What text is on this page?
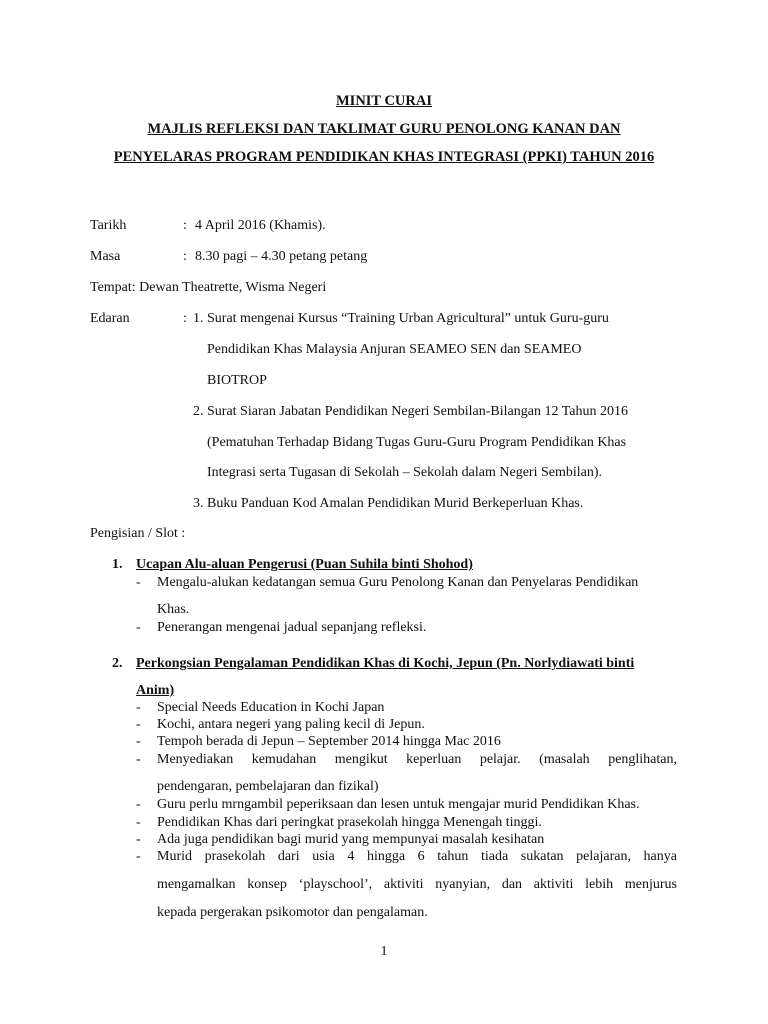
MINIT CURAI
MAJLIS REFLEKSI DAN TAKLIMAT GURU PENOLONG KANAN DAN
PENYELARAS PROGRAM PENDIDIKAN KHAS INTEGRASI (PPKI) TAHUN 2016
Tarikh	: 4 April 2016 (Khamis).
Masa	: 8.30 pagi – 4.30 petang petang
Tempat: Dewan Theatrette, Wisma Negeri
Edaran	: 1. Surat mengenai Kursus “Training Urban Agricultural” untuk Guru-guru
Pendidikan Khas Malaysia Anjuran SEAMEO SEN dan SEAMEO
BIOTROP
2. Surat Siaran Jabatan Pendidikan Negeri Sembilan-Bilangan 12 Tahun 2016
(Pematuhan Terhadap Bidang Tugas Guru-Guru Program Pendidikan Khas
Integrasi serta Tugasan di Sekolah – Sekolah dalam Negeri Sembilan).
3. Buku Panduan Kod Amalan Pendidikan Murid Berkeperluan Khas.
Pengisian / Slot :
1. Ucapan Alu-aluan Pengerusi (Puan Suhila binti Shohod)
- Mengalu-alukan kedatangan semua Guru Penolong Kanan dan Penyelaras Pendidikan
Khas.
- Penerangan mengenai jadual sepanjang refleksi.
2. Perkongsian Pengalaman Pendidikan Khas di Kochi, Jepun (Pn. Norlydiawati binti
Anim)
- Special Needs Education in Kochi Japan
- Kochi, antara negeri yang paling kecil di Jepun.
- Tempoh berada di Jepun – September 2014 hingga Mac 2016
- Menyediakan kemudahan mengikut keperluan pelajar. (masalah penglihatan,
pendengaran, pembelajaran dan fizikal)
- Guru perlu mrngambil peperiksaan dan lesen untuk mengajar murid Pendidikan Khas.
- Pendidikan Khas dari peringkat prasekolah hingga Menengah tinggi.
- Ada juga pendidikan bagi murid yang mempunyai masalah kesihatan
- Murid prasekolah dari usia 4 hingga 6 tahun tiada sukatan pelajaran, hanya
mengamalkan konsep ‘playschool’, aktiviti nyanyian, dan aktiviti lebih menjurus
kepada pergerakan psikomotor dan pengalaman.
1
